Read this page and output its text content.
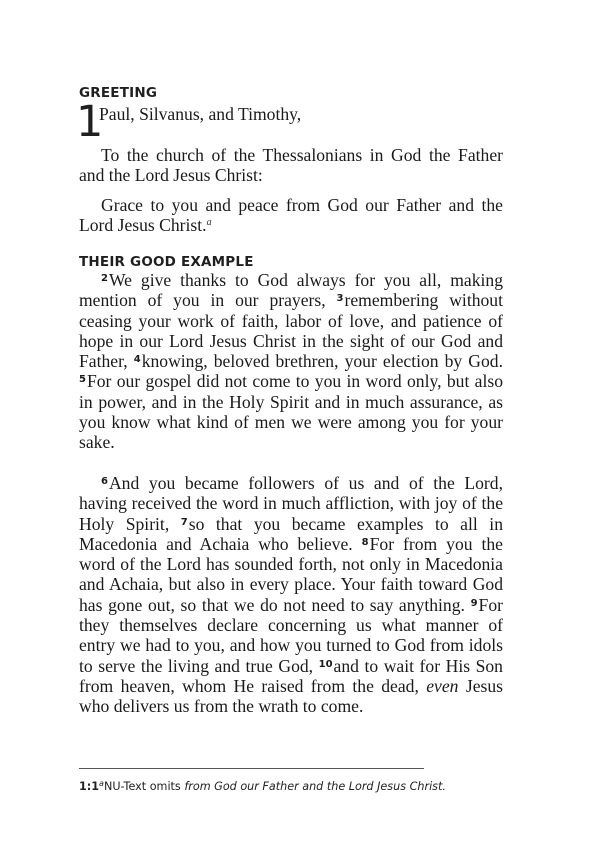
GREETING
1
Paul, Silvanus, and Timothy,

To the church of the Thessalonians in God the Father and the Lord Jesus Christ:

Grace to you and peace from God our Father and the Lord Jesus Christ.$^a$

THEIR GOOD EXAMPLE

$^2$We give thanks to God always for you all, making mention of you in our prayers, $^3$remembering without ceasing your work of faith, labor of love, and patience of hope in our Lord Jesus Christ in the sight of our God and Father, $^4$knowing, beloved brethren, your election by God. $^5$For our gospel did not come to you in word only, but also in power, and in the Holy Spirit and in much assurance, as you know what kind of men we were among you for your sake.

$^6$And you became followers of us and of the Lord, having received the word in much affliction, with joy of the Holy Spirit, $^7$so that you became examples to all in Macedonia and Achaia who believe. $^8$For from you the word of the Lord has sounded forth, not only in Macedonia and Achaia, but also in every place. Your faith toward God has gone out, so that we do not need to say anything. $^9$For they themselves declare concerning us what manner of entry we had to you, and how you turned to God from idols to serve the living and true God, $^{10}$and to wait for His Son from heaven, whom He raised from the dead, even Jesus who delivers us from the wrath to come.

1:1$^a$NU-Text omits from God our Father and the Lord Jesus Christ.
